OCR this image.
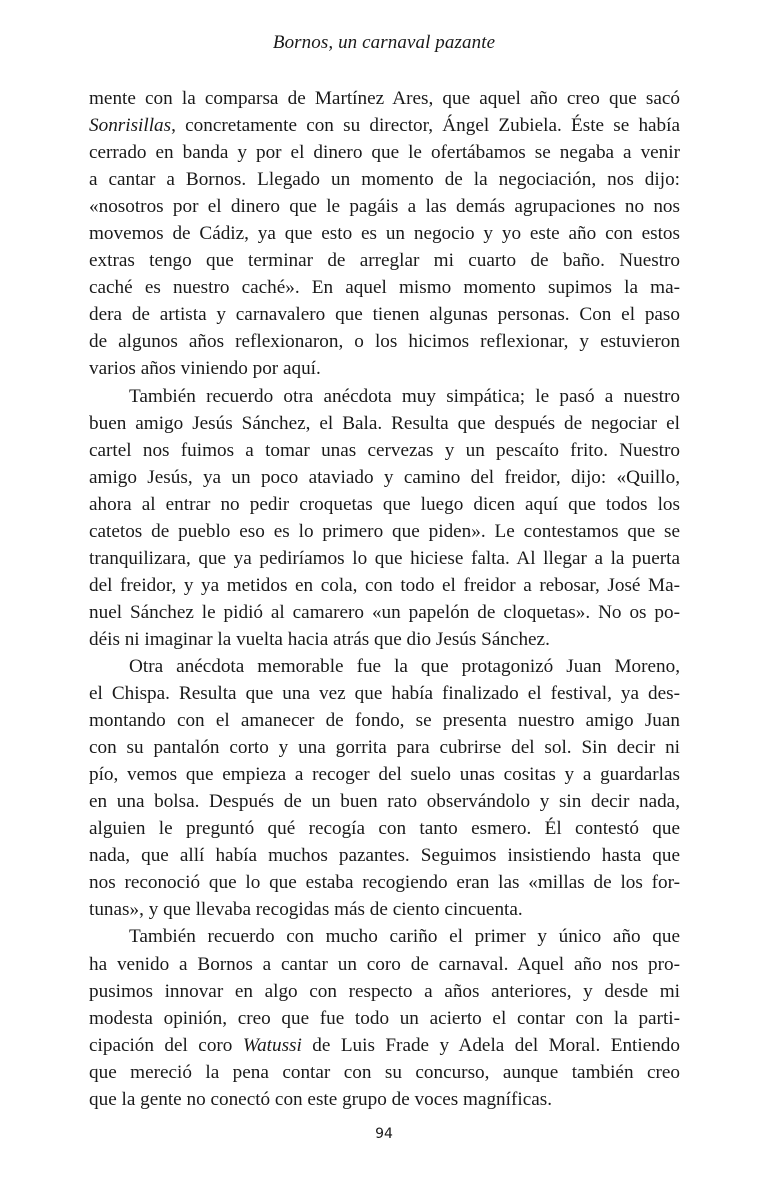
Bornos, un carnaval pazante
mente con la comparsa de Martínez Ares, que aquel año creo que sacó
Sonrisillas, concretamente con su director, Ángel Zubiela. Éste se había
cerrado en banda y por el dinero que le ofertábamos se negaba a venir
a cantar a Bornos. Llegado un momento de la negociación, nos dijo:
«nosotros por el dinero que le pagáis a las demás agrupaciones no nos
movemos de Cádiz, ya que esto es un negocio y yo este año con estos
extras tengo que terminar de arreglar mi cuarto de baño. Nuestro
caché es nuestro caché». En aquel mismo momento supimos la ma-
dera de artista y carnavalero que tienen algunas personas. Con el paso
de algunos años reflexionaron, o los hicimos reflexionar, y estuvieron
varios años viniendo por aquí.
También recuerdo otra anécdota muy simpática; le pasó a nuestro
buen amigo Jesús Sánchez, el Bala. Resulta que después de negociar el
cartel nos fuimos a tomar unas cervezas y un pescaíto frito. Nuestro
amigo Jesús, ya un poco ataviado y camino del freidor, dijo: «Quillo,
ahora al entrar no pedir croquetas que luego dicen aquí que todos los
catetos de pueblo eso es lo primero que piden». Le contestamos que se
tranquilizara, que ya pediríamos lo que hiciese falta. Al llegar a la puerta
del freidor, y ya metidos en cola, con todo el freidor a rebosar, José Ma-
nuel Sánchez le pidió al camarero «un papelón de cloquetas». No os po-
déis ni imaginar la vuelta hacia atrás que dio Jesús Sánchez.
Otra anécdota memorable fue la que protagonizó Juan Moreno,
el Chispa. Resulta que una vez que había finalizado el festival, ya des-
montando con el amanecer de fondo, se presenta nuestro amigo Juan
con su pantalón corto y una gorrita para cubrirse del sol. Sin decir ni
pío, vemos que empieza a recoger del suelo unas cositas y a guardarlas
en una bolsa. Después de un buen rato observándolo y sin decir nada,
alguien le preguntó qué recogía con tanto esmero. Él contestó que
nada, que allí había muchos pazantes. Seguimos insistiendo hasta que
nos reconoció que lo que estaba recogiendo eran las «millas de los for-
tunas», y que llevaba recogidas más de ciento cincuenta.
También recuerdo con mucho cariño el primer y único año que
ha venido a Bornos a cantar un coro de carnaval. Aquel año nos pro-
pusimos innovar en algo con respecto a años anteriores, y desde mi
modesta opinión, creo que fue todo un acierto el contar con la parti-
cipación del coro Watussi de Luis Frade y Adela del Moral. Entiendo
que mereció la pena contar con su concurso, aunque también creo
que la gente no conectó con este grupo de voces magníficas.
94
